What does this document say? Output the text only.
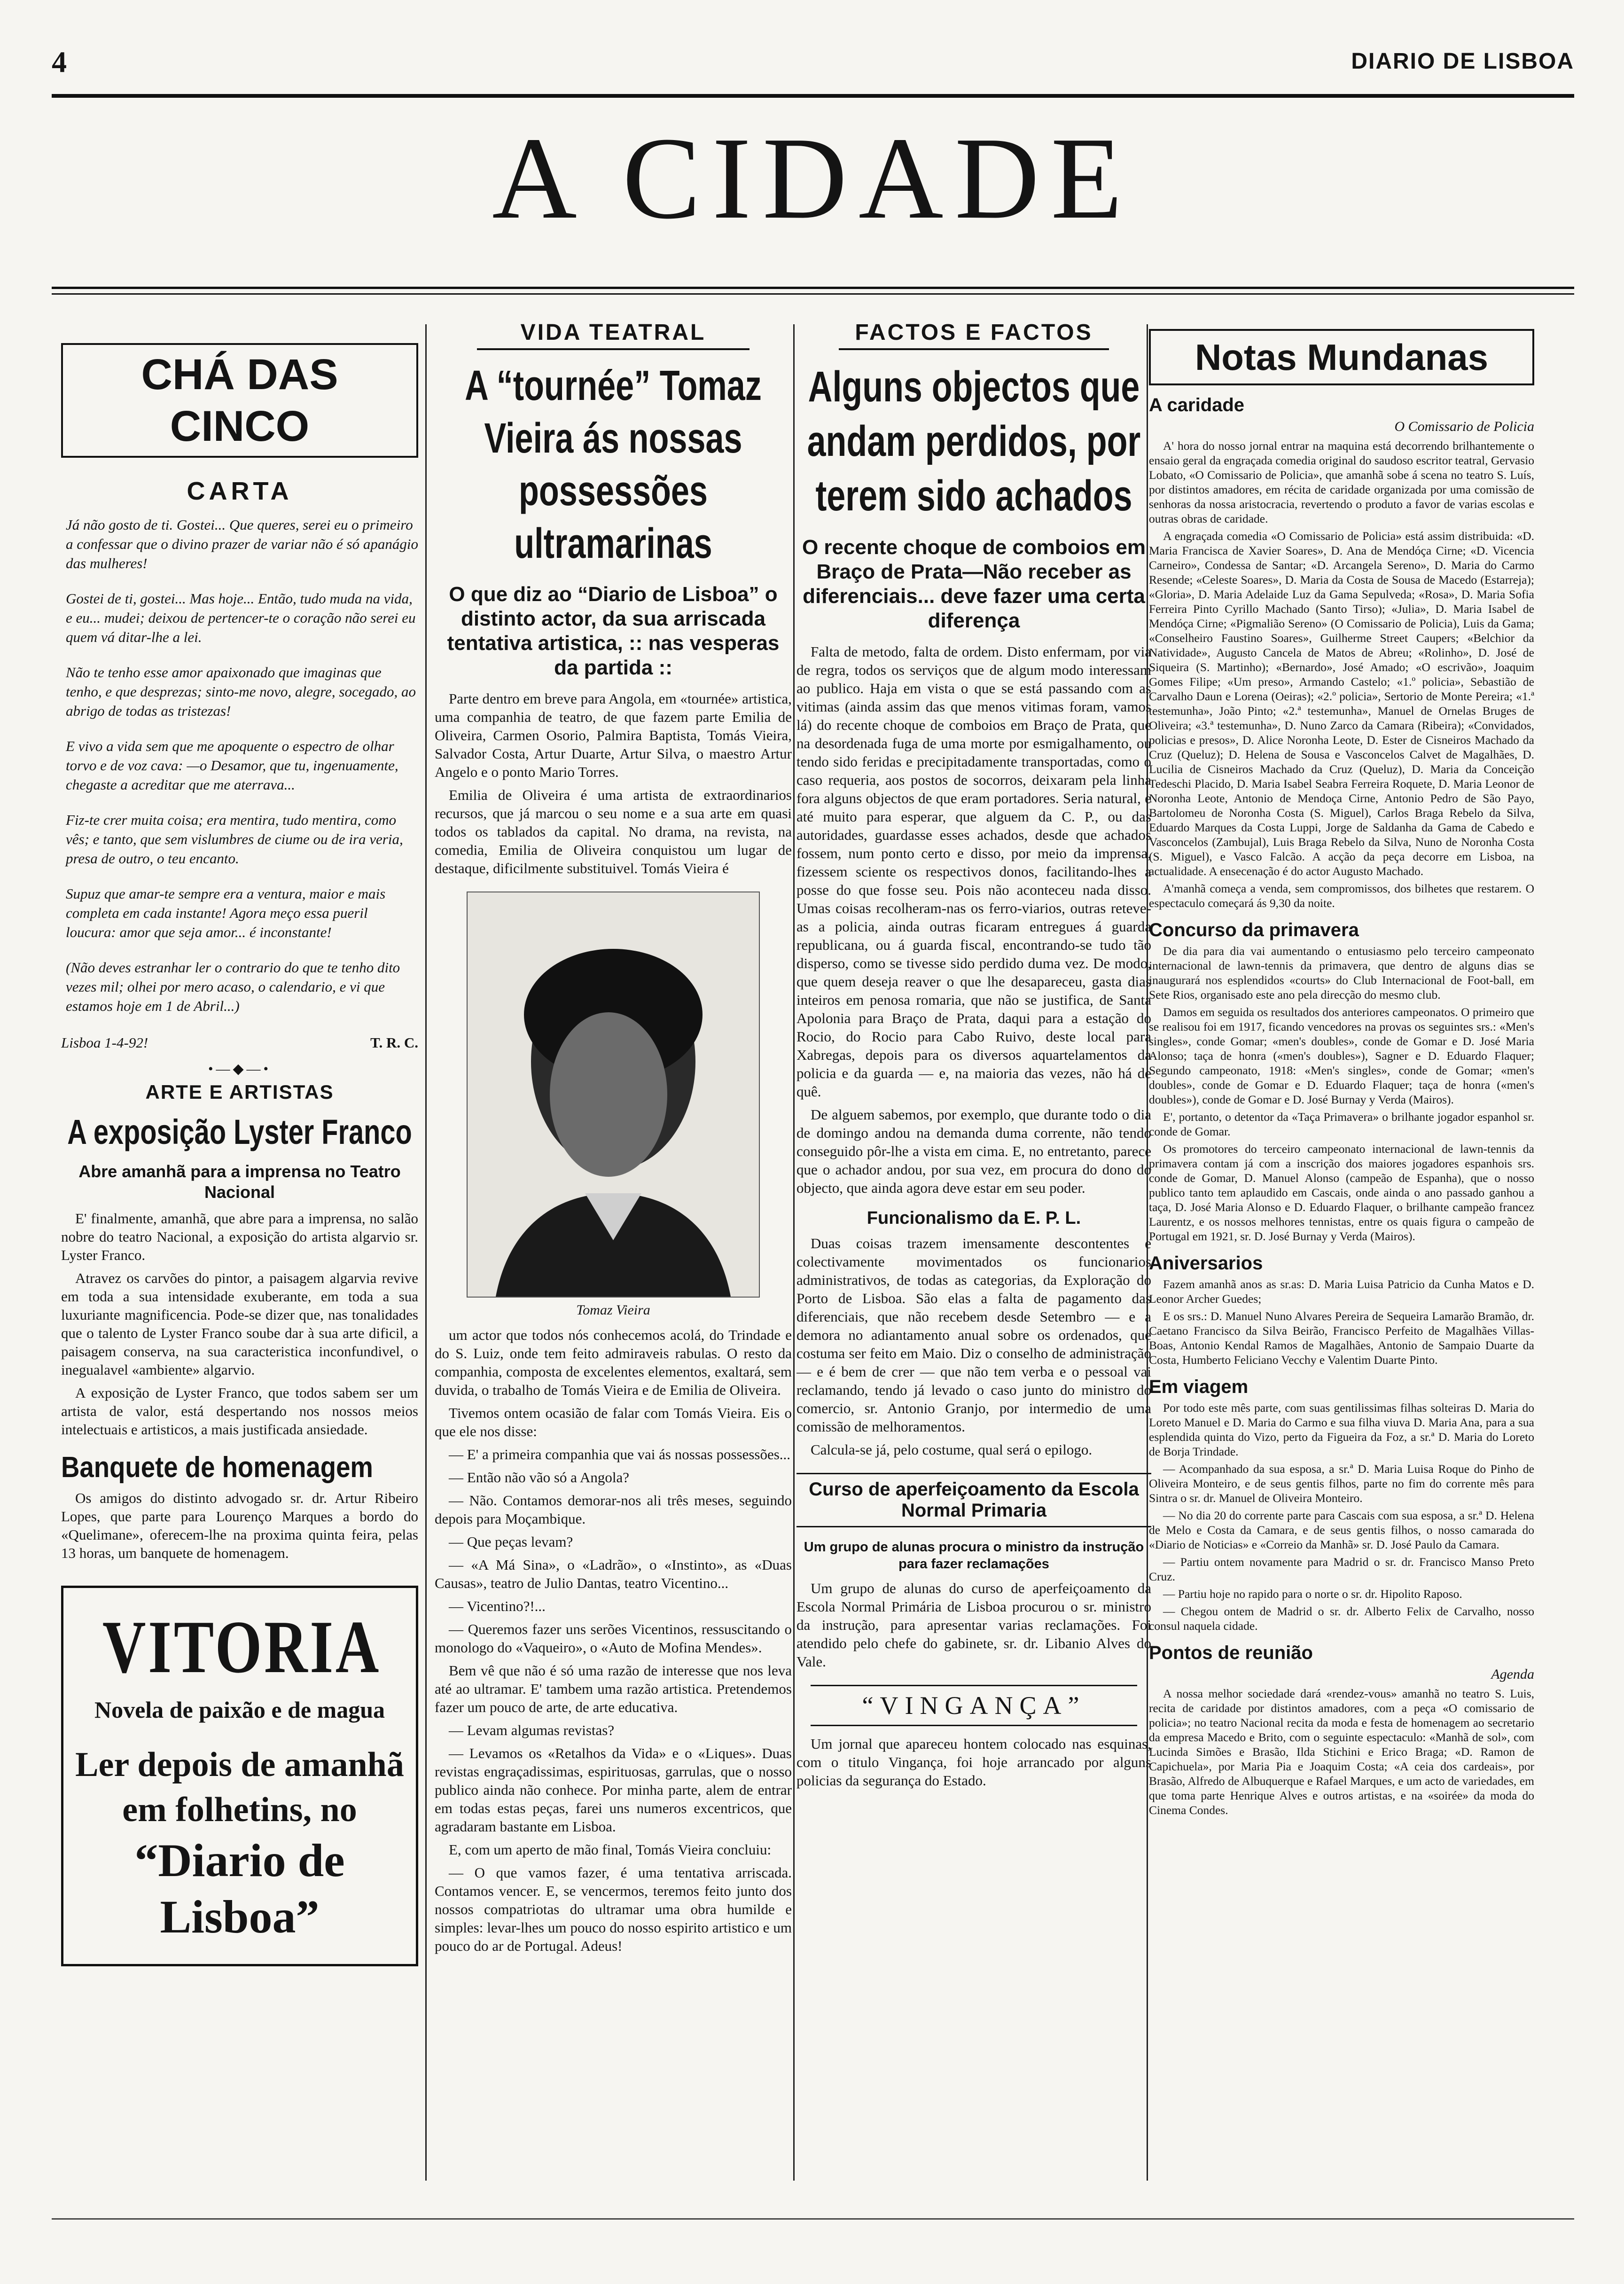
4	DIARIO DE LISBOA
A CIDADE
CHÁ DAS CINCO
CARTA

Já não gosto de ti. Gostei... Que queres, serei eu o primeiro a confessar que o divino prazer de variar não é só apanágio das mulheres!

Gostei de ti, gostei... Mas hoje... Então, tudo muda na vida, e eu... mudei; deixou de pertencer-te o coração não serei eu quem vá ditar-lhe a lei.

Não te tenho esse amor apaixonado que imaginas que tenho, e que desprezas; sinto-me novo, alegre, socegado, ao abrigo de todas as tristezas!

E vivo a vida sem que me apoquente o espectro de olhar torvo e de voz cava: —o Desamor, que tu, ingenuamente, chegaste a acreditar que me aterrava...

Fiz-te crer muita coisa; era mentira, tudo mentira, como vês; e tanto, que sem vislumbres de ciume ou de ira veria, presa de outro, o teu encanto.

Supuz que amar-te sempre era a ventura, maior e mais completa em cada instante! Agora meço essa pueril loucura: amor que seja amor... é inconstante!

(Não deves estranhar ler o contrario do que te tenho dito vezes mil; olhei por mero acaso, o calendario, e vi que estamos hoje em 1 de Abril...)

Lisboa 1-4-92!	T. R. C.
•—◆—•
ARTE E ARTISTAS
A exposição Lyster Franco
Abre amanhã para a imprensa no Teatro Nacional

E' finalmente, amanhã, que abre para a imprensa, no salão nobre do teatro Nacional, a exposição do artista algarvio sr. Lyster Franco.

Atravez os carvões do pintor, a paisagem algarvia revive em toda a sua intensidade exuberante, em toda a sua luxuriante magnificencia. Pode-se dizer que, nas tonalidades que o talento de Lyster Franco soube dar à sua arte dificil, a paisagem conserva, na sua caracteristica inconfundivel, o inegualavel «ambiente» algarvio.

A exposição de Lyster Franco, que todos sabem ser um artista de valor, está despertando nos nossos meios intelectuais e artisticos, a mais justificada ansiedade.

Banquete de homenagem

Os amigos do distinto advogado sr. dr. Artur Ribeiro Lopes, que parte para Lourenço Marques a bordo do «Quelimane», oferecem-lhe na proxima quinta feira, pelas 13 horas, um banquete de homenagem.

VITORIA
Novela de paixão e de magua
Ler depois de amanhã em folhetins, no
“Diario de Lisboa”
VIDA TEATRAL
A “tournée” Tomaz Vieira ás nossas possessões ultramarinas
O que diz ao “Diario de Lisboa” o distinto actor, da sua arriscada tentativa artistica, :: nas vesperas da partida ::

Parte dentro em breve para Angola, em «tournée» artistica, uma companhia de teatro, de que fazem parte Emilia de Oliveira, Carmen Osorio, Palmira Baptista, Tomás Vieira, Salvador Costa, Artur Duarte, Artur Silva, o maestro Artur Angelo e o ponto Mario Torres.

Emilia de Oliveira é uma artista de extraordinarios recursos, que já marcou o seu nome e a sua arte em quasi todos os tablados da capital. No drama, na revista, na comedia, Emilia de Oliveira conquistou um lugar de destaque, dificilmente substituivel. Tomás Vieira é

Tomaz Vieira

um actor que todos nós conhecemos acolá, do Trindade e do S. Luiz, onde tem feito admiraveis rabulas. O resto da companhia, composta de excelentes elementos, exaltará, sem duvida, o trabalho de Tomás Vieira e de Emilia de Oliveira.

Tivemos ontem ocasião de falar com Tomás Vieira. Eis o que ele nos disse:

— E' a primeira companhia que vai ás nossas possessões...

— Então não vão só a Angola?

— Não. Contamos demorar-nos ali três meses, seguindo depois para Moçambique.

— Que peças levam?

— «A Má Sina», o «Ladrão», o «Instinto», as «Duas Causas», teatro de Julio Dantas, teatro Vicentino...

— Vicentino?!...

— Queremos fazer uns serões Vicentinos, ressuscitando o monologo do «Vaqueiro», o «Auto de Mofina Mendes».

Bem vê que não é só uma razão de interesse que nos leva até ao ultramar. E' tambem uma razão artistica. Pretendemos fazer um pouco de arte, de arte educativa.

— Levam algumas revistas?

— Levamos os «Retalhos da Vida» e o «Liques». Duas revistas engraçadissimas, espirituosas, garrulas, que o nosso publico ainda não conhece. Por minha parte, alem de entrar em todas estas peças, farei uns numeros excentricos, que agradaram bastante em Lisboa.

E, com um aperto de mão final, Tomás Vieira concluiu:

— O que vamos fazer, é uma tentativa arriscada. Contamos vencer. E, se vencermos, teremos feito junto dos nossos compatriotas do ultramar uma obra humilde e simples: levar-lhes um pouco do nosso espirito artistico e um pouco do ar de Portugal. Adeus!

FACTOS E FACTOS
Alguns objectos que andam perdidos, por terem sido achados
O recente choque de comboios em Braço de Prata—Não receber as diferenciais... deve fazer uma certa diferença

Falta de metodo, falta de ordem. Disto enfermam, por via de regra, todos os serviços que de algum modo interessam ao publico. Haja em vista o que se está passando com as vitimas (ainda assim das que menos vitimas foram, vamos lá) do recente choque de comboios em Braço de Prata, que na desordenada fuga de uma morte por esmigalhamento, ou tendo sido feridas e precipitadamente transportadas, como o caso requeria, aos postos de socorros, deixaram pela linha fora alguns objectos de que eram portadores. Seria natural, e até muito para esperar, que alguem da C. P., ou das autoridades, guardasse esses achados, desde que achados fossem, num ponto certo e disso, por meio da imprensa, fizessem sciente os respectivos donos, facilitando-lhes a posse do que fosse seu. Pois não aconteceu nada disso. Umas coisas recolheram-nas os ferro-viarios, outras reteve-as a policia, ainda outras ficaram entregues á guarda republicana, ou á guarda fiscal, encontrando-se tudo tão disperso, como se tivesse sido perdido duma vez. De modo, que quem deseja reaver o que lhe desapareceu, gasta dias inteiros em penosa romaria, que não se justifica, de Santa Apolonia para Braço de Prata, daqui para a estação do Rocio, do Rocio para Cabo Ruivo, deste local para Xabregas, depois para os diversos aquartelamentos da policia e da guarda — e, na maioria das vezes, não há de quê.

De alguem sabemos, por exemplo, que durante todo o dia de domingo andou na demanda duma corrente, não tendo conseguido pôr-lhe a vista em cima. E, no entretanto, parece que o achador andou, por sua vez, em procura do dono do objecto, que ainda agora deve estar em seu poder.

Funcionalismo da E. P. L.

Duas coisas trazem imensamente descontentes e colectivamente movimentados os funcionarios administrativos, de todas as categorias, da Exploração do Porto de Lisboa. São elas a falta de pagamento das diferenciais, que não recebem desde Setembro — e a demora no adiantamento anual sobre os ordenados, que costuma ser feito em Maio. Diz o conselho de administração — e é bem de crer — que não tem verba e o pessoal vai reclamando, tendo já levado o caso junto do ministro do comercio, sr. Antonio Granjo, por intermedio de uma comissão de melhoramentos.

Calcula-se já, pelo costume, qual será o epilogo.

Curso de aperfeiçoamento da Escola Normal Primaria
Um grupo de alunas procura o ministro da instrução para fazer reclamações

Um grupo de alunas do curso de aperfeiçoamento da Escola Normal Primária de Lisboa procurou o sr. ministro da instrução, para apresentar varias reclamações. Foi atendido pelo chefe do gabinete, sr. dr. Libanio Alves do Vale.

“VINGANÇA”

Um jornal que apareceu hontem colocado nas esquinas, com o titulo Vingança, foi hoje arrancado por alguns policias da segurança do Estado.

Notas Mundanas
A caridade
O Comissario de Policia

A' hora do nosso jornal entrar na maquina está decorrendo brilhantemente o ensaio geral da engraçada comedia original do saudoso escritor teatral, Gervasio Lobato, «O Comissario de Policia», que amanhã sobe á scena no teatro S. Luís, por distintos amadores, em récita de caridade organizada por uma comissão de senhoras da nossa aristocracia, revertendo o produto a favor de varias escolas e outras obras de caridade.

A engraçada comedia «O Comissario de Policia» está assim distribuida: «D. Maria Francisca de Xavier Soares», D. Ana de Mendóça Cirne; «D. Vicencia Carneiro», Condessa de Santar; «D. Arcangela Sereno», D. Maria do Carmo Resende; «Celeste Soares», D. Maria da Costa de Sousa de Macedo (Estarreja); «Gloria», D. Maria Adelaide Luz da Gama Sepulveda; «Rosa», D. Maria Sofia Ferreira Pinto Cyrillo Machado (Santo Tirso); «Julia», D. Maria Isabel de Mendóça Cirne; «Pigmalião Sereno» (O Comissario de Policia), Luis da Gama; «Conselheiro Faustino Soares», Guilherme Street Caupers; «Belchior da Natividade», Augusto Cancela de Matos de Abreu; «Rolinho», D. José de Siqueira (S. Martinho); «Bernardo», José Amado; «O escrivão», Joaquim Gomes Filipe; «Um preso», Armando Castelo; «1.º policia», Sebastião de Carvalho Daun e Lorena (Oeiras); «2.º policia», Sertorio de Monte Pereira; «1.ª testemunha», João Pinto; «2.ª testemunha», Manuel de Ornelas Bruges de Oliveira; «3.ª testemunha», D. Nuno Zarco da Camara (Ribeira); «Convidados, policias e presos», D. Alice Noronha Leote, D. Ester de Cisneiros Machado da Cruz (Queluz); D. Helena de Sousa e Vasconcelos Calvet de Magalhães, D. Lucilia de Cisneiros Machado da Cruz (Queluz), D. Maria da Conceição Tedeschi Placido, D. Maria Isabel Seabra Ferreira Roquete, D. Maria Leonor de Noronha Leote, Antonio de Mendoça Cirne, Antonio Pedro de São Payo, Bartolomeu de Noronha Costa (S. Miguel), Carlos Braga Rebelo da Silva, Eduardo Marques da Costa Luppi, Jorge de Saldanha da Gama de Cabedo e Vasconcelos (Zambujal), Luis Braga Rebelo da Silva, Nuno de Noronha Costa (S. Miguel), e Vasco Falcão. A acção da peça decorre em Lisboa, na actualidade. A ensecenação é do actor Augusto Machado.

A'manhã começa a venda, sem compromissos, dos bilhetes que restarem. O espectaculo começará ás 9,30 da noite.

Concurso da primavera

De dia para dia vai aumentando o entusiasmo pelo terceiro campeonato internacional de lawn-tennis da primavera, que dentro de alguns dias se inaugurará nos esplendidos «courts» do Club Internacional de Foot-ball, em Sete Rios, organisado este ano pela direcção do mesmo club.

Damos em seguida os resultados dos anteriores campeonatos. O primeiro que se realisou foi em 1917, ficando vencedores na provas os seguintes srs.: «Men's singles», conde Gomar; «men's doubles», conde de Gomar e D. José Maria Alonso; taça de honra («men's doubles»), Sagner e D. Eduardo Flaquer; Segundo campeonato, 1918: «Men's singles», conde de Gomar; «men's doubles», conde de Gomar e D. Eduardo Flaquer; taça de honra («men's doubles»), conde de Gomar e D. José Burnay y Verda (Mairos).

E', portanto, o detentor da «Taça Primavera» o brilhante jogador espanhol sr. conde de Gomar.

Os promotores do terceiro campeonato internacional de lawn-tennis da primavera contam já com a inscrição dos maiores jogadores espanhois srs. conde de Gomar, D. Manuel Alonso (campeão de Espanha), que o nosso publico tanto tem aplaudido em Cascais, onde ainda o ano passado ganhou a taça, D. José Maria Alonso e D. Eduardo Flaquer, o brilhante campeão francez Laurentz, e os nossos melhores tennistas, entre os quais figura o campeão de Portugal em 1921, sr. D. José Burnay y Verda (Mairos).

Aniversarios

Fazem amanhã anos as sr.as: D. Maria Luisa Patricio da Cunha Matos e D. Leonor Archer Guedes;

E os srs.: D. Manuel Nuno Alvares Pereira de Sequeira Lamarão Bramão, dr. Caetano Francisco da Silva Beirão, Francisco Perfeito de Magalhães Villas-Boas, Antonio Kendal Ramos de Magalhães, Antonio de Sampaio Duarte da Costa, Humberto Feliciano Vecchy e Valentim Duarte Pinto.

Em viagem

Por todo este mês parte, com suas gentilissimas filhas solteiras D. Maria do Loreto Manuel e D. Maria do Carmo e sua filha viuva D. Maria Ana, para a sua esplendida quinta do Vizo, perto da Figueira da Foz, a sr.ª D. Maria do Loreto de Borja Trindade.

— Acompanhado da sua esposa, a sr.ª D. Maria Luisa Roque do Pinho de Oliveira Monteiro, e de seus gentis filhos, parte no fim do corrente mês para Sintra o sr. dr. Manuel de Oliveira Monteiro.

— No dia 20 do corrente parte para Cascais com sua esposa, a sr.ª D. Helena de Melo e Costa da Camara, e de seus gentis filhos, o nosso camarada do «Diario de Noticias» e «Correio da Manhã» sr. D. José Paulo da Camara.

— Partiu ontem novamente para Madrid o sr. dr. Francisco Manso Preto Cruz.

— Partiu hoje no rapido para o norte o sr. dr. Hipolito Raposo.

— Chegou ontem de Madrid o sr. dr. Alberto Felix de Carvalho, nosso consul naquela cidade.

Pontos de reunião
Agenda

A nossa melhor sociedade dará «rendez-vous» amanhã no teatro S. Luis, recita de caridade por distintos amadores, com a peça «O comissario de policia»; no teatro Nacional recita da moda e festa de homenagem ao secretario da empresa Macedo e Brito, com o seguinte espectaculo: «Manhã de sol», com Lucinda Simões e Brasão, Ilda Stichini e Erico Braga; «D. Ramon de Capichuela», por Maria Pia e Joaquim Costa; «A ceia dos cardeais», por Brasão, Alfredo de Albuquerque e Rafael Marques, e um acto de variedades, em que toma parte Henrique Alves e outros artistas, e na «soirée» da moda do Cinema Condes.
